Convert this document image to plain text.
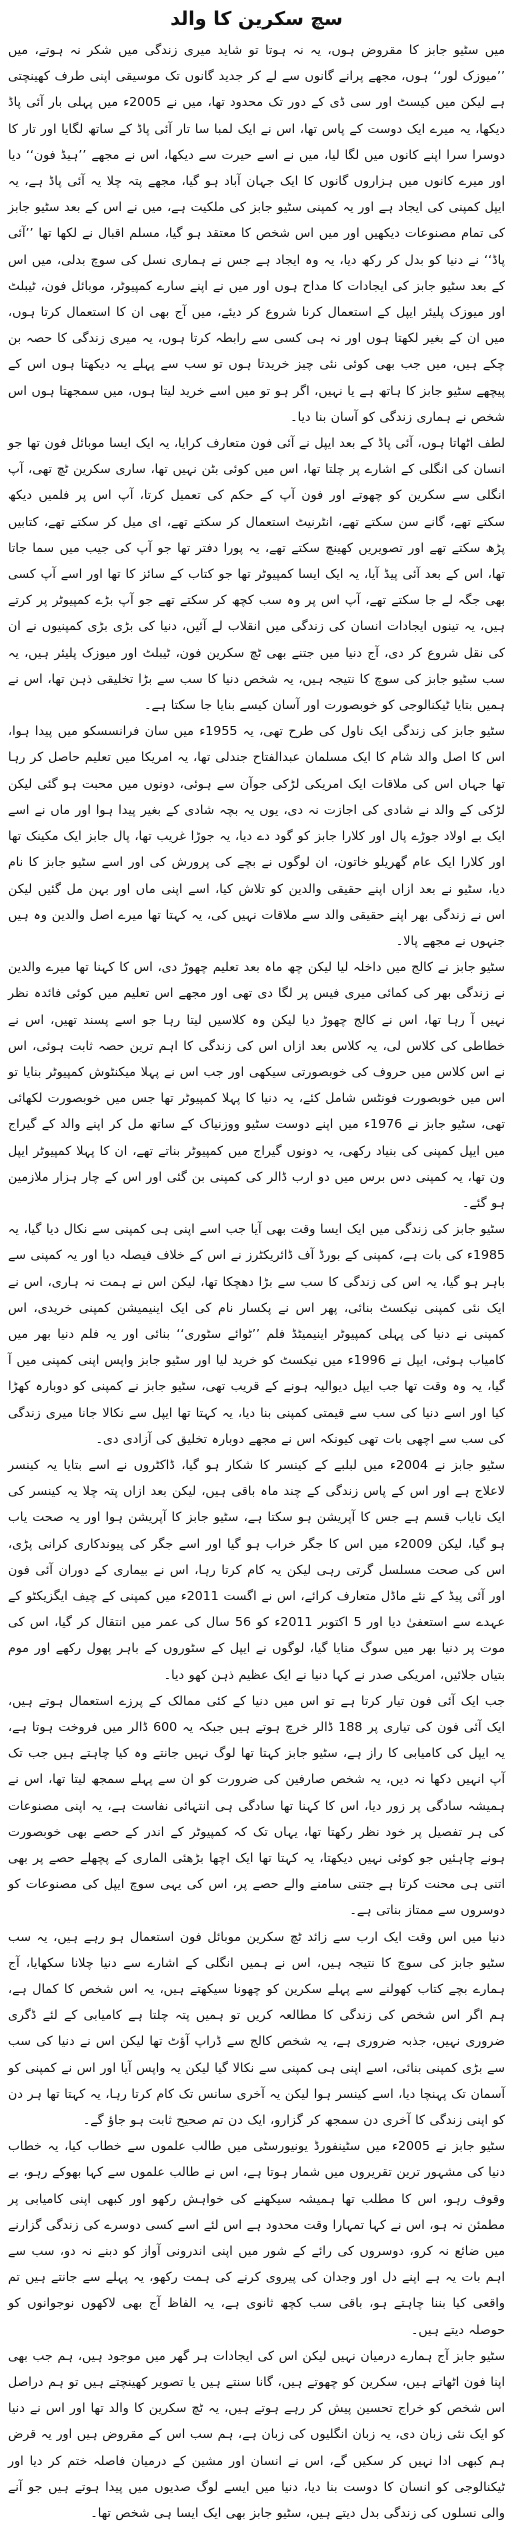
سچ سکرین کا والد

میں سٹیو جابز کا مقروض ہوں، یہ نہ ہوتا تو شاید میری زندگی میں شکر نہ ہوتے، میں ’’میوزک لور‘‘ ہوں، مجھے پرانے گانوں سے لے کر جدید گانوں تک موسیقی اپنی طرف کھینچتی ہے لیکن میں کیسٹ اور سی ڈی کے دور تک محدود تھا، میں نے 2005ء میں پہلی بار آئی پاڈ دیکھا، یہ میرے ایک دوست کے پاس تھا، اس نے ایک لمبا سا تار آئی پاڈ کے ساتھ لگایا اور تار کا دوسرا سرا اپنے کانوں میں لگا لیا، میں نے اسے حیرت سے دیکھا، اس نے مجھے ’’ہیڈ فون‘‘ دیا اور میرے کانوں میں ہزاروں گانوں کا ایک جہان آباد ہو گیا، مجھے پتہ چلا یہ آئی پاڈ ہے، یہ ایپل کمپنی کی ایجاد ہے اور یہ کمپنی سٹیو جابز کی ملکیت ہے، میں نے اس کے بعد سٹیو جابز کی تمام مصنوعات دیکھیں اور میں اس شخص کا معتقد ہو گیا، مسلم اقبال نے لکھا تھا ’’آئی پاڈ‘‘ نے دنیا کو بدل کر رکھ دیا، یہ وہ ایجاد ہے جس نے ہماری نسل کی سوچ بدلی، میں اس کے بعد سٹیو جابز کی ایجادات کا مداح ہوں اور میں نے اپنے سارے کمپیوٹر، موبائل فون، ٹیبلٹ اور میوزک پلیئر ایپل کے استعمال کرنا شروع کر دیئے، میں آج بھی ان کا استعمال کرتا ہوں، میں ان کے بغیر لکھتا ہوں اور نہ ہی کسی سے رابطہ کرتا ہوں، یہ میری زندگی کا حصہ بن چکے ہیں، میں جب بھی کوئی نئی چیز خریدتا ہوں تو سب سے پہلے یہ دیکھتا ہوں اس کے پیچھے سٹیو جابز کا ہاتھ ہے یا نہیں، اگر ہو تو میں اسے خرید لیتا ہوں، میں سمجھتا ہوں اس شخص نے ہماری زندگی کو آسان بنا دیا۔

لطف اٹھاتا ہوں، آئی پاڈ کے بعد ایپل نے آئی فون متعارف کرایا، یہ ایک ایسا موبائل فون تھا جو انسان کی انگلی کے اشارے پر چلتا تھا، اس میں کوئی بٹن نہیں تھا، ساری سکرین ٹچ تھی، آپ انگلی سے سکرین کو چھوتے اور فون آپ کے حکم کی تعمیل کرتا، آپ اس پر فلمیں دیکھ سکتے تھے، گانے سن سکتے تھے، انٹرنیٹ استعمال کر سکتے تھے، ای میل کر سکتے تھے، کتابیں پڑھ سکتے تھے اور تصویریں کھینچ سکتے تھے، یہ پورا دفتر تھا جو آپ کی جیب میں سما جاتا تھا، اس کے بعد آئی پیڈ آیا، یہ ایک ایسا کمپیوٹر تھا جو کتاب کے سائز کا تھا اور اسے آپ کسی بھی جگہ لے جا سکتے تھے، آپ اس پر وہ سب کچھ کر سکتے تھے جو آپ بڑے کمپیوٹر پر کرتے ہیں، یہ تینوں ایجادات انسان کی زندگی میں انقلاب لے آئیں، دنیا کی بڑی بڑی کمپنیوں نے ان کی نقل شروع کر دی، آج دنیا میں جتنے بھی ٹچ سکرین فون، ٹیبلٹ اور میوزک پلیئر ہیں، یہ سب سٹیو جابز کی سوچ کا نتیجہ ہیں، یہ شخص دنیا کا سب سے بڑا تخلیقی ذہن تھا، اس نے ہمیں بتایا ٹیکنالوجی کو خوبصورت اور آسان کیسے بنایا جا سکتا ہے۔

سٹیو جابز کی زندگی ایک ناول کی طرح تھی، یہ 1955ء میں سان فرانسسکو میں پیدا ہوا، اس کا اصل والد شام کا ایک مسلمان عبدالفتاح جندلی تھا، یہ امریکا میں تعلیم حاصل کر رہا تھا جہاں اس کی ملاقات ایک امریکی لڑکی جوآن سے ہوئی، دونوں میں محبت ہو گئی لیکن لڑکی کے والد نے شادی کی اجازت نہ دی، یوں یہ بچہ شادی کے بغیر پیدا ہوا اور ماں نے اسے ایک بے اولاد جوڑے پال اور کلارا جابز کو گود دے دیا، یہ جوڑا غریب تھا، پال جابز ایک مکینک تھا اور کلارا ایک عام گھریلو خاتون، ان لوگوں نے بچے کی پرورش کی اور اسے سٹیو جابز کا نام دیا، سٹیو نے بعد ازاں اپنے حقیقی والدین کو تلاش کیا، اسے اپنی ماں اور بہن مل گئیں لیکن اس نے زندگی بھر اپنے حقیقی والد سے ملاقات نہیں کی، یہ کہتا تھا میرے اصل والدین وہ ہیں جنہوں نے مجھے پالا۔

سٹیو جابز نے کالج میں داخلہ لیا لیکن چھ ماہ بعد تعلیم چھوڑ دی، اس کا کہنا تھا میرے والدین نے زندگی بھر کی کمائی میری فیس پر لگا دی تھی اور مجھے اس تعلیم میں کوئی فائدہ نظر نہیں آ رہا تھا، اس نے کالج چھوڑ دیا لیکن وہ کلاسیں لیتا رہا جو اسے پسند تھیں، اس نے خطاطی کی کلاس لی، یہ کلاس بعد ازاں اس کی زندگی کا اہم ترین حصہ ثابت ہوئی، اس نے اس کلاس میں حروف کی خوبصورتی سیکھی اور جب اس نے پہلا میکنٹوش کمپیوٹر بنایا تو اس میں خوبصورت فونٹس شامل کئے، یہ دنیا کا پہلا کمپیوٹر تھا جس میں خوبصورت لکھائی تھی، سٹیو جابز نے 1976ء میں اپنے دوست سٹیو ووزنیاک کے ساتھ مل کر اپنے والد کے گیراج میں ایپل کمپنی کی بنیاد رکھی، یہ دونوں گیراج میں کمپیوٹر بناتے تھے، ان کا پہلا کمپیوٹر ایپل ون تھا، یہ کمپنی دس برس میں دو ارب ڈالر کی کمپنی بن گئی اور اس کے چار ہزار ملازمین ہو گئے۔

سٹیو جابز کی زندگی میں ایک ایسا وقت بھی آیا جب اسے اپنی ہی کمپنی سے نکال دیا گیا، یہ 1985ء کی بات ہے، کمپنی کے بورڈ آف ڈائریکٹرز نے اس کے خلاف فیصلہ دیا اور یہ کمپنی سے باہر ہو گیا، یہ اس کی زندگی کا سب سے بڑا دھچکا تھا، لیکن اس نے ہمت نہ ہاری، اس نے ایک نئی کمپنی نیکسٹ بنائی، پھر اس نے پکسار نام کی ایک اینیمیشن کمپنی خریدی، اس کمپنی نے دنیا کی پہلی کمپیوٹر اینیمیٹڈ فلم ’’ٹوائے سٹوری‘‘ بنائی اور یہ فلم دنیا بھر میں کامیاب ہوئی، ایپل نے 1996ء میں نیکسٹ کو خرید لیا اور سٹیو جابز واپس اپنی کمپنی میں آ گیا، یہ وہ وقت تھا جب ایپل دیوالیہ ہونے کے قریب تھی، سٹیو جابز نے کمپنی کو دوبارہ کھڑا کیا اور اسے دنیا کی سب سے قیمتی کمپنی بنا دیا، یہ کہتا تھا ایپل سے نکالا جانا میری زندگی کی سب سے اچھی بات تھی کیونکہ اس نے مجھے دوبارہ تخلیق کی آزادی دی۔

سٹیو جابز نے 2004ء میں لبلبے کے کینسر کا شکار ہو گیا، ڈاکٹروں نے اسے بتایا یہ کینسر لاعلاج ہے اور اس کے پاس زندگی کے چند ماہ باقی ہیں، لیکن بعد ازاں پتہ چلا یہ کینسر کی ایک نایاب قسم ہے جس کا آپریشن ہو سکتا ہے، سٹیو جابز کا آپریشن ہوا اور یہ صحت یاب ہو گیا، لیکن 2009ء میں اس کا جگر خراب ہو گیا اور اسے جگر کی پیوندکاری کرانی پڑی، اس کی صحت مسلسل گرتی رہی لیکن یہ کام کرتا رہا، اس نے بیماری کے دوران آئی فون اور آئی پیڈ کے نئے ماڈل متعارف کرائے، اس نے اگست 2011ء میں کمپنی کے چیف ایگزیکٹو کے عہدے سے استعفیٰ دیا اور 5 اکتوبر 2011ء کو 56 سال کی عمر میں انتقال کر گیا، اس کی موت پر دنیا بھر میں سوگ منایا گیا، لوگوں نے ایپل کے سٹوروں کے باہر پھول رکھے اور موم بتیاں جلائیں، امریکی صدر نے کہا دنیا نے ایک عظیم ذہن کھو دیا۔

جب ایک آئی فون تیار کرتا ہے تو اس میں دنیا کے کئی ممالک کے پرزے استعمال ہوتے ہیں، ایک آئی فون کی تیاری پر 188 ڈالر خرچ ہوتے ہیں جبکہ یہ 600 ڈالر میں فروخت ہوتا ہے، یہ ایپل کی کامیابی کا راز ہے، سٹیو جابز کہتا تھا لوگ نہیں جانتے وہ کیا چاہتے ہیں جب تک آپ انہیں دکھا نہ دیں، یہ شخص صارفین کی ضرورت کو ان سے پہلے سمجھ لیتا تھا، اس نے ہمیشہ سادگی پر زور دیا، اس کا کہنا تھا سادگی ہی انتہائی نفاست ہے، یہ اپنی مصنوعات کی ہر تفصیل پر خود نظر رکھتا تھا، یہاں تک کہ کمپیوٹر کے اندر کے حصے بھی خوبصورت ہونے چاہئیں جو کوئی نہیں دیکھتا، یہ کہتا تھا ایک اچھا بڑھئی الماری کے پچھلے حصے پر بھی اتنی ہی محنت کرتا ہے جتنی سامنے والے حصے پر، اس کی یہی سوچ ایپل کی مصنوعات کو دوسروں سے ممتاز بناتی ہے۔

دنیا میں اس وقت ایک ارب سے زائد ٹچ سکرین موبائل فون استعمال ہو رہے ہیں، یہ سب سٹیو جابز کی سوچ کا نتیجہ ہیں، اس نے ہمیں انگلی کے اشارے سے دنیا چلانا سکھایا، آج ہمارے بچے کتاب کھولنے سے پہلے سکرین کو چھونا سیکھتے ہیں، یہ اس شخص کا کمال ہے، ہم اگر اس شخص کی زندگی کا مطالعہ کریں تو ہمیں پتہ چلتا ہے کامیابی کے لئے ڈگری ضروری نہیں، جذبہ ضروری ہے، یہ شخص کالج سے ڈراپ آؤٹ تھا لیکن اس نے دنیا کی سب سے بڑی کمپنی بنائی، اسے اپنی ہی کمپنی سے نکالا گیا لیکن یہ واپس آیا اور اس نے کمپنی کو آسمان تک پہنچا دیا، اسے کینسر ہوا لیکن یہ آخری سانس تک کام کرتا رہا، یہ کہتا تھا ہر دن کو اپنی زندگی کا آخری دن سمجھ کر گزارو، ایک دن تم صحیح ثابت ہو جاؤ گے۔

سٹیو جابز نے 2005ء میں سٹینفورڈ یونیورسٹی میں طالب علموں سے خطاب کیا، یہ خطاب دنیا کی مشہور ترین تقریروں میں شمار ہوتا ہے، اس نے طالب علموں سے کہا بھوکے رہو، بے وقوف رہو، اس کا مطلب تھا ہمیشہ سیکھنے کی خواہش رکھو اور کبھی اپنی کامیابی پر مطمئن نہ ہو، اس نے کہا تمہارا وقت محدود ہے اس لئے اسے کسی دوسرے کی زندگی گزارنے میں ضائع نہ کرو، دوسروں کی رائے کے شور میں اپنی اندرونی آواز کو دبنے نہ دو، سب سے اہم بات یہ ہے اپنے دل اور وجدان کی پیروی کرنے کی ہمت رکھو، یہ پہلے سے جانتے ہیں تم واقعی کیا بننا چاہتے ہو، باقی سب کچھ ثانوی ہے، یہ الفاظ آج بھی لاکھوں نوجوانوں کو حوصلہ دیتے ہیں۔

سٹیو جابز آج ہمارے درمیان نہیں لیکن اس کی ایجادات ہر گھر میں موجود ہیں، ہم جب بھی اپنا فون اٹھاتے ہیں، سکرین کو چھوتے ہیں، گانا سنتے ہیں یا تصویر کھینچتے ہیں تو ہم دراصل اس شخص کو خراج تحسین پیش کر رہے ہوتے ہیں، یہ ٹچ سکرین کا والد تھا اور اس نے دنیا کو ایک نئی زبان دی، یہ زبان انگلیوں کی زبان ہے، ہم سب اس کے مقروض ہیں اور یہ قرض ہم کبھی ادا نہیں کر سکیں گے، اس نے انسان اور مشین کے درمیان فاصلہ ختم کر دیا اور ٹیکنالوجی کو انسان کا دوست بنا دیا، دنیا میں ایسے لوگ صدیوں میں پیدا ہوتے ہیں جو آنے والی نسلوں کی زندگی بدل دیتے ہیں، سٹیو جابز بھی ایک ایسا ہی شخص تھا۔
